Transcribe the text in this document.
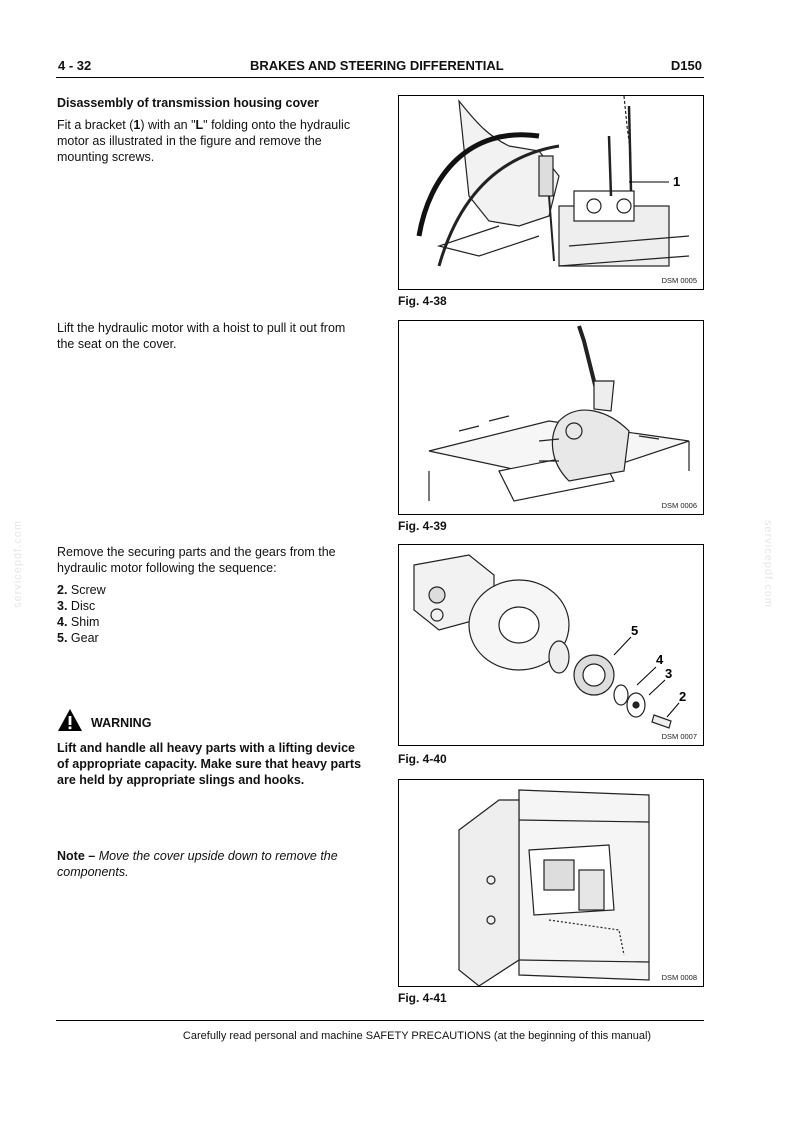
4 - 32	BRAKES AND STEERING DIFFERENTIAL	D150
servicepdf.com	servicepdf.com
Disassembly of transmission housing cover
Fit a bracket (1) with an "L" folding onto the hydraulic motor as illustrated in the figure and remove the mounting screws.
Lift the hydraulic motor with a hoist to pull it out from the seat on the cover.
Remove the securing parts and the gears from the hydraulic motor following the sequence:
2. Screw
3. Disc
4. Shim
5. Gear
WARNING
Lift and handle all heavy parts with a lifting device of appropriate capacity. Make sure that heavy parts are held by appropriate slings and hooks.
Note – Move the cover upside down to remove the components.
1
DSM 0005
Fig. 4-38
DSM 0006
Fig. 4-39
5
4
3
2
DSM 0007
Fig. 4-40
DSM 0008
Fig. 4-41
Carefully read personal and machine SAFETY PRECAUTIONS (at the beginning of this manual)
